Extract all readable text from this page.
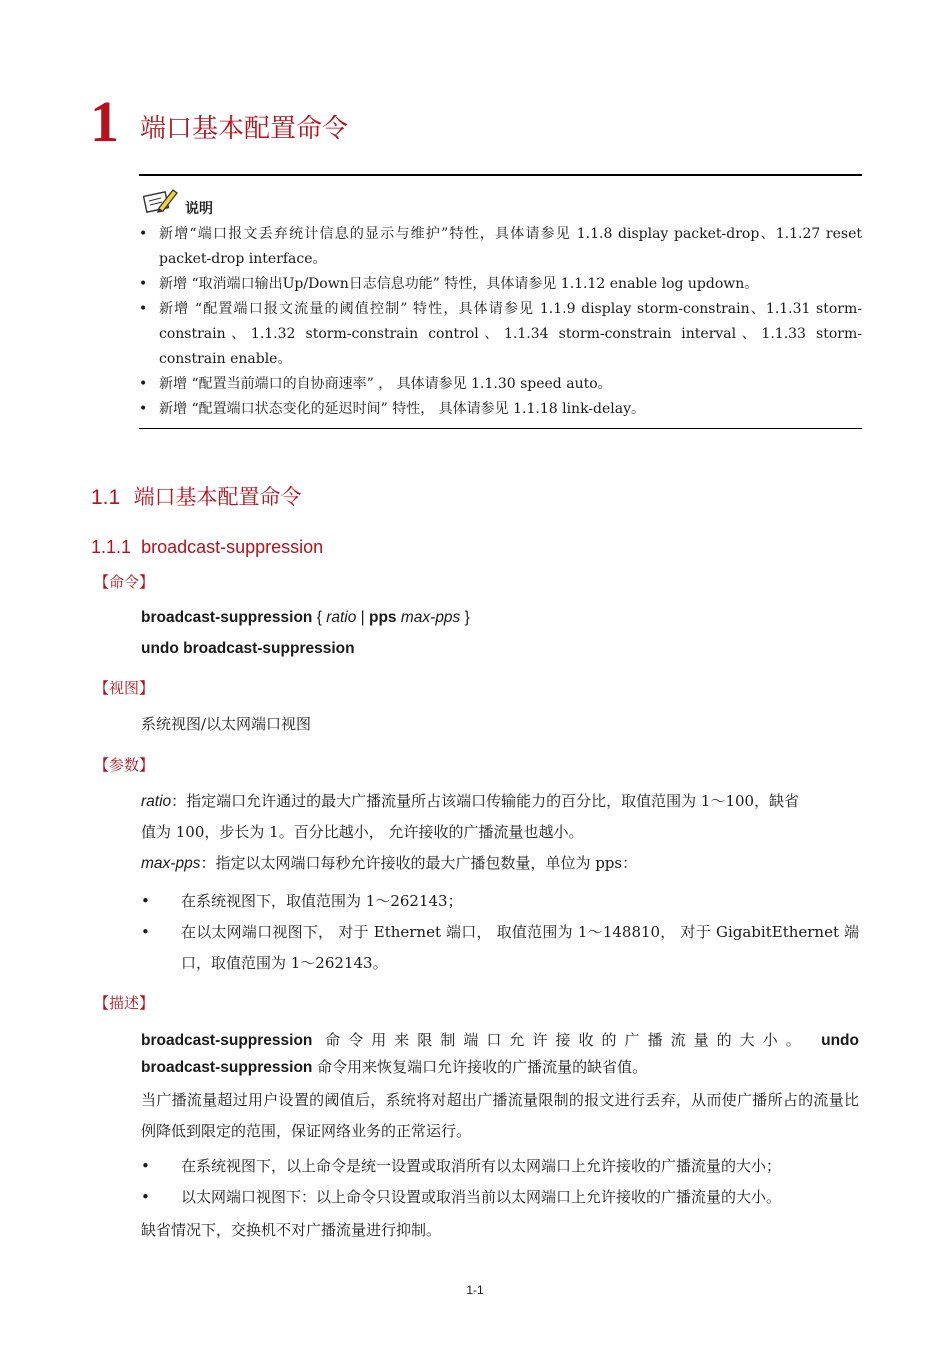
1 端口基本配置命令
说明
• 新增“端口报文丢弃统计信息的显示与维护”特性，具体请参见 1.1.8 display packet-drop、1.1.27 reset packet-drop interface。
• 新增 “取消端口输出Up/Down日志信息功能” 特性，具体请参见 1.1.12 enable log updown。
• 新增 “配置端口报文流量的阈值控制” 特性，具体请参见 1.1.9 display storm-constrain、1.1.31 storm-constrain、1.1.32 storm-constrain control、1.1.34 storm-constrain interval、1.1.33 storm-constrain enable。
• 新增 “配置当前端口的自协商速率” ， 具体请参见 1.1.30 speed auto。
• 新增 “配置端口状态变化的延迟时间” 特性， 具体请参见 1.1.18 link-delay。
1.1 端口基本配置命令
1.1.1 broadcast-suppression
【命令】
broadcast-suppression { ratio | pps max-pps }
undo broadcast-suppression
【视图】
系统视图/以太网端口视图
【参数】
ratio：指定端口允许通过的最大广播流量所占该端口传输能力的百分比，取值范围为 1～100，缺省
值为 100，步长为 1。百分比越小， 允许接收的广播流量也越小。
max-pps：指定以太网端口每秒允许接收的最大广播包数量，单位为 pps：
• 在系统视图下，取值范围为 1～262143；
• 在以太网端口视图下， 对于 Ethernet 端口， 取值范围为 1～148810， 对于 GigabitEthernet 端口，取值范围为 1～262143。
【描述】
broadcast-suppression 命令用来限制端口允许接收的广播流量的大小。 undo
broadcast-suppression 命令用来恢复端口允许接收的广播流量的缺省值。
当广播流量超过用户设置的阈值后，系统将对超出广播流量限制的报文进行丢弃，从而使广播所占的流量比例降低到限定的范围，保证网络业务的正常运行。
• 在系统视图下，以上命令是统一设置或取消所有以太网端口上允许接收的广播流量的大小；
• 以太网端口视图下：以上命令只设置或取消当前以太网端口上允许接收的广播流量的大小。
缺省情况下，交换机不对广播流量进行抑制。
1-1
